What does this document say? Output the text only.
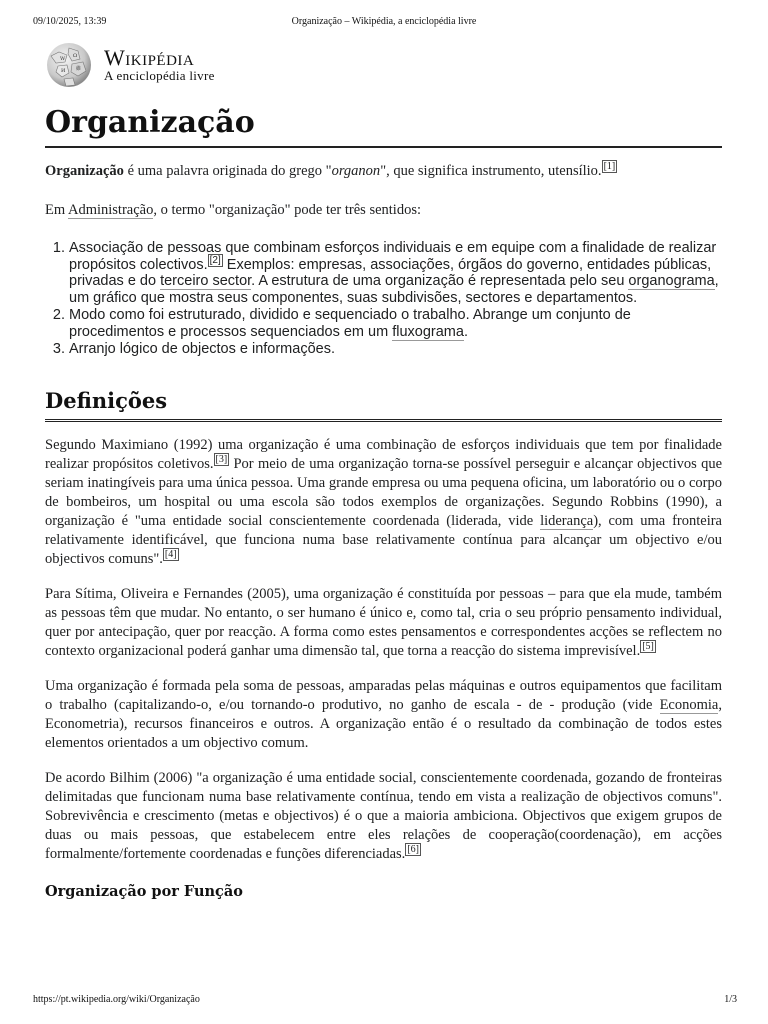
09/10/2025, 13:39	Organização – Wikipédia, a enciclopédia livre
W Ω
И 維 Wikipédia
A enciclopédia livre
Organização

Organização é uma palavra originada do grego "organon", que significa instrumento, utensílio. [1]

Em Administração, o termo "organização" pode ter três sentidos:

1. Associação de pessoas que combinam esforços individuais e em equipe com a finalidade de realizar propósitos colectivos. [2] Exemplos: empresas, associações, órgãos do governo, entidades públicas, privadas e do terceiro sector. A estrutura de uma organização é representada pelo seu organograma, um gráfico que mostra seus componentes, suas subdivisões, sectores e departamentos.
2. Modo como foi estruturado, dividido e sequenciado o trabalho. Abrange um conjunto de procedimentos e processos sequenciados em um fluxograma.
3. Arranjo lógico de objectos e informações.
Definições

Segundo Maximiano (1992) uma organização é uma combinação de esforços individuais que tem por finalidade realizar propósitos coletivos. [3] Por meio de uma organização torna-se possível perseguir e alcançar objectivos que seriam inatingíveis para uma única pessoa. Uma grande empresa ou uma pequena oficina, um laboratório ou o corpo de bombeiros, um hospital ou uma escola são todos exemplos de organizações. Segundo Robbins (1990), a organização é "uma entidade social conscientemente coordenada (liderada, vide liderança), com uma fronteira relativamente identificável, que funciona numa base relativamente contínua para alcançar um objectivo e/ou objectivos comuns". [4]

Para Sítima, Oliveira e Fernandes (2005), uma organização é constituída por pessoas – para que ela mude, também as pessoas têm que mudar. No entanto, o ser humano é único e, como tal, cria o seu próprio pensamento individual, quer por antecipação, quer por reacção. A forma como estes pensamentos e correspondentes acções se reflectem no contexto organizacional poderá ganhar uma dimensão tal, que torna a reacção do sistema imprevisível. [5]

Uma organização é formada pela soma de pessoas, amparadas pelas máquinas e outros equipamentos que facilitam o trabalho (capitalizando-o, e/ou tornando-o produtivo, no ganho de escala - de - produção (vide Economia, Econometria), recursos financeiros e outros. A organização então é o resultado da combinação de todos estes elementos orientados a um objectivo comum.

De acordo Bilhim (2006) "a organização é uma entidade social, conscientemente coordenada, gozando de fronteiras delimitadas que funcionam numa base relativamente contínua, tendo em vista a realização de objectivos comuns". Sobrevivência e crescimento (metas e objectivos) é o que a maioria ambiciona. Objectivos que exigem grupos de duas ou mais pessoas, que estabelecem entre eles relações de cooperação(coordenação), em acções formalmente/fortemente coordenadas e funções diferenciadas. [6]

Organização por Função
https://pt.wikipedia.org/wiki/Organização	1/3
